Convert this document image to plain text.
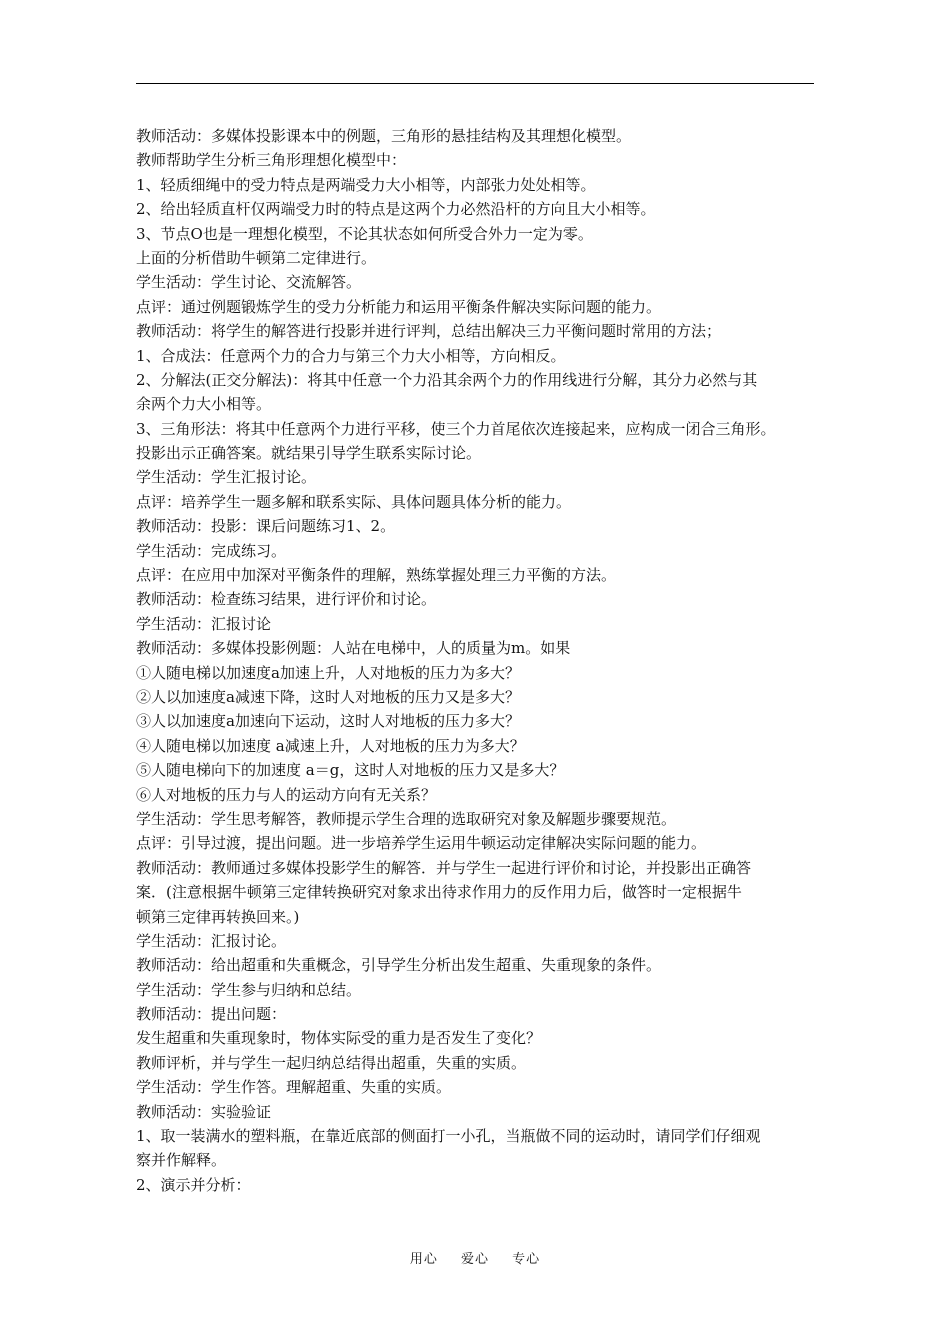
教师活动：多媒体投影课本中的例题，三角形的悬挂结构及其理想化模型。
教师帮助学生分析三角形理想化模型中：
1、轻质细绳中的受力特点是两端受力大小相等，内部张力处处相等。
2、给出轻质直杆仅两端受力时的特点是这两个力必然沿杆的方向且大小相等。
3、节点O也是一理想化模型，不论其状态如何所受合外力一定为零。
上面的分析借助牛顿第二定律进行。
学生活动：学生讨论、交流解答。
点评：通过例题锻炼学生的受力分析能力和运用平衡条件解决实际问题的能力。
教师活动：将学生的解答进行投影并进行评判，总结出解决三力平衡问题时常用的方法；
1、合成法：任意两个力的合力与第三个力大小相等，方向相反。
2、分解法(正交分解法)：将其中任意一个力沿其余两个力的作用线进行分解，其分力必然与其
余两个力大小相等。
3、三角形法：将其中任意两个力进行平移，使三个力首尾依次连接起来，应构成一闭合三角形。
投影出示正确答案。就结果引导学生联系实际讨论。
学生活动：学生汇报讨论。
点评：培养学生一题多解和联系实际、具体问题具体分析的能力。
教师活动：投影：课后问题练习1、2。
学生活动：完成练习。
点评：在应用中加深对平衡条件的理解，熟练掌握处理三力平衡的方法。
教师活动：检查练习结果，进行评价和讨论。
学生活动：汇报讨论
教师活动：多媒体投影例题：人站在电梯中，人的质量为m。如果
①人随电梯以加速度a加速上升，人对地板的压力为多大？
②人以加速度a减速下降，这时人对地板的压力又是多大？
③人以加速度a加速向下运动，这时人对地板的压力多大？
④人随电梯以加速度 a减速上升，人对地板的压力为多大？
⑤人随电梯向下的加速度 a＝g，这时人对地板的压力又是多大？
⑥人对地板的压力与人的运动方向有无关系？
学生活动：学生思考解答，教师提示学生合理的选取研究对象及解题步骤要规范。
点评：引导过渡，提出问题。进一步培养学生运用牛顿运动定律解决实际问题的能力。
教师活动：教师通过多媒体投影学生的解答．并与学生一起进行评价和讨论，并投影出正确答
案．(注意根据牛顿第三定律转换研究对象求出待求作用力的反作用力后，做答时一定根据牛
顿第三定律再转换回来。)
学生活动：汇报讨论。
教师活动：给出超重和失重概念，引导学生分析出发生超重、失重现象的条件。
学生活动：学生参与归纳和总结。
教师活动：提出问题：
发生超重和失重现象时，物体实际受的重力是否发生了变化？
教师评析，并与学生一起归纳总结得出超重，失重的实质。
学生活动：学生作答。理解超重、失重的实质。
教师活动：实验验证
1、取一装满水的塑料瓶，在靠近底部的侧面打一小孔，当瓶做不同的运动时，请同学们仔细观
察并作解释。
2、演示并分析：
用心 爱心 专心
